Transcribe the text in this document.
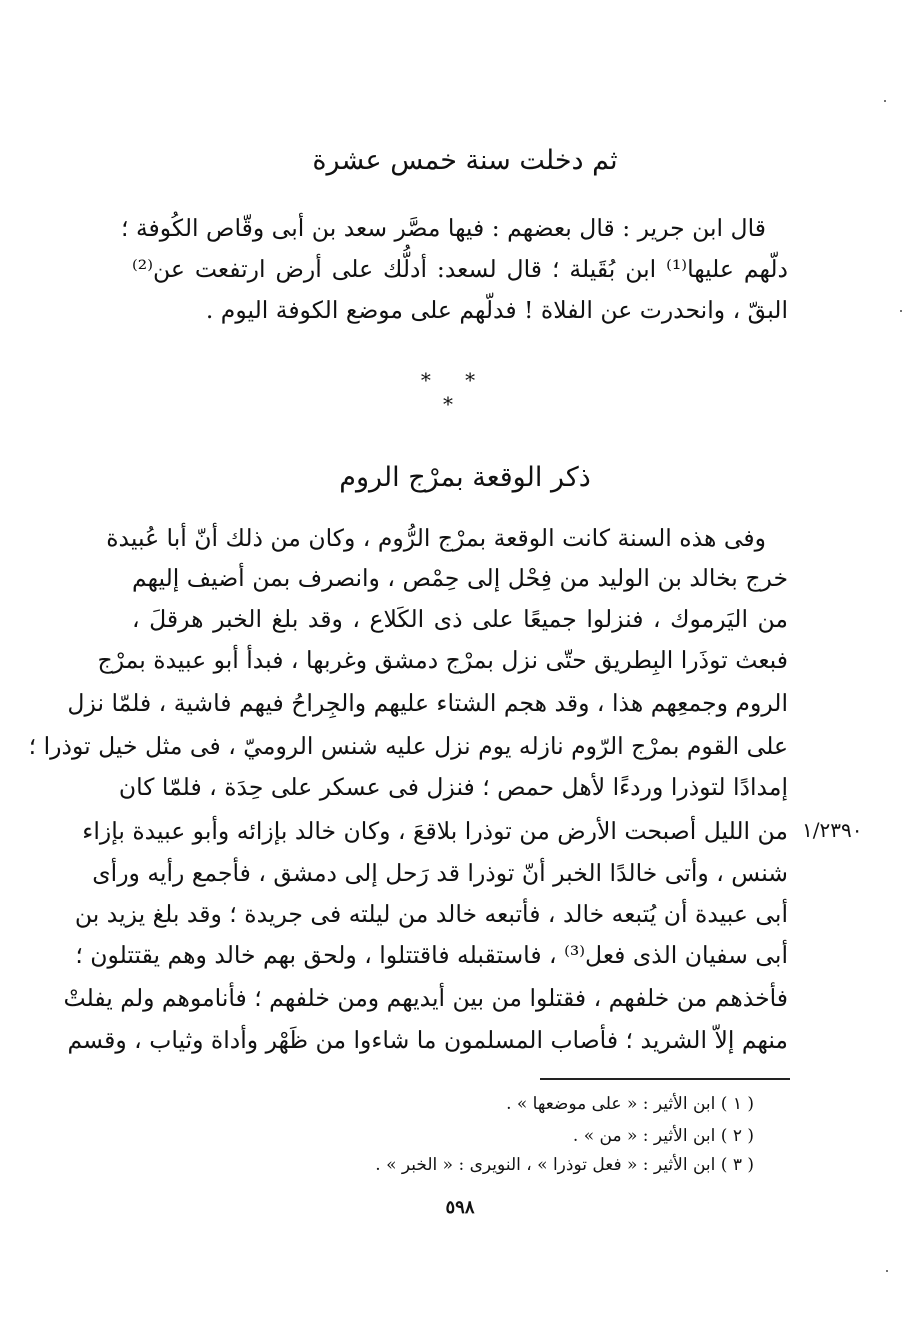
ثم دخلت سنة خمس عشرة
قال ابن جرير : قال بعضهم : فيها مصَّر سعد بن أبى وقّاص الكُوفة ؛
دلّهم عليها⁽¹⁾ ابن بُقَيلة ؛ قال لسعد: أدلُّك على أرض ارتفعت عن⁽²⁾
البقّ ، وانحدرت عن الفلاة ! فدلّهم على موضع الكوفة اليوم .
* * *
ذكر الوقعة بمرْج الروم
وفى هذه السنة كانت الوقعة بمرْج الرُّوم ، وكان من ذلك أنّ أبا عُبيدة
خرج بخالد بن الوليد من فِحْل إلى حِمْص ، وانصرف بمن أضيف إليهم
من اليَرموك ، فنزلوا جميعًا على ذى الكَلاع ، وقد بلغ الخبر هرقلَ ،
فبعث توذَرا البِطريق حتّى نزل بمرْج دمشق وغربها ، فبدأ أبو عبيدة بمرْج
الروم وجمعِهم هذا ، وقد هجم الشتاء عليهم والجِراحُ فيهم فاشية ، فلمّا نزل
على القوم بمرْج الرّوم نازله يوم نزل عليه شنس الروميّ ، فى مثل خيل توذرا ؛
إمدادًا لتوذرا وردءًا لأهل حمص ؛ فنزل فى عسكر على حِدَة ، فلمّا كان
من الليل أصبحت الأرض من توذرا بلاقعَ ، وكان خالد بإزائه وأبو عبيدة بإزاء
شنس ، وأتى خالدًا الخبر أنّ توذرا قد رَحل إلى دمشق ، فأجمع رأيه ورأى
أبى عبيدة أن يُتبعه خالد ، فأتبعه خالد من ليلته فى جريدة ؛ وقد بلغ يزيد بن
أبى سفيان الذى فعل⁽³⁾ ، فاستقبله فاقتتلوا ، ولحق بهم خالد وهم يقتتلون ؛
فأخذهم من خلفهم ، فقتلوا من بين أيديهم ومن خلفهم ؛ فأناموهم ولم يفلتْ
منهم إلاّ الشريد ؛ فأصاب المسلمون ما شاءوا من ظَهْر وأداة وثياب ، وقسم
١/٢٣٩٠
( ١ ) ابن الأثير : « على موضعها » .
( ٢ ) ابن الأثير : « من » .
( ٣ ) ابن الأثير : « فعل توذرا » ، النويرى : « الخبر » .
٥٩٨
